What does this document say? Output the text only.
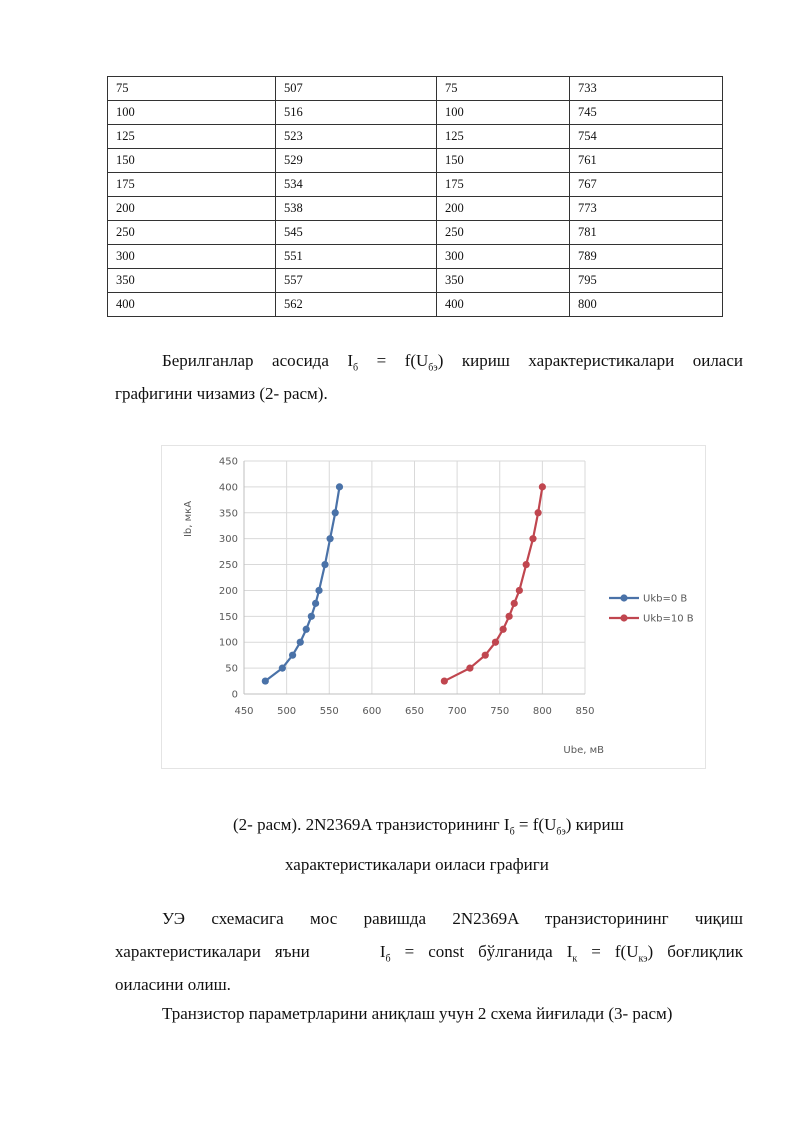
75	507	75	733
100	516	100	745
125	523	125	754
150	529	150	761
175	534	175	767
200	538	200	773
250	545	250	781
300	551	300	789
350	557	350	795
400	562	400	800
Берилганлар асосида $I_б = f(U_{бэ})$ кириш характеристикалари оиласи
графигини чизамиз (2- расм).
0
50
100
150
200
250
300
350
400
450
450 500 550 600 650 700 750 800 850
Ib, мкА
Ube, мВ
Ukb=0 B
Ukb=10 B
(2- расм). 2N2369A транзисторининг $I_б = f(U_{бэ})$ кириш
характеристикалари оиласи графиги
УЭ схемасига мос равишда 2N2369A транзисторининг чиқиш
характеристикалари яъни     $I_б$ = const бўлганида $I_к = f(U_{кэ})$ боғлиқлик
оиласини олиш.
Транзистор параметрларини аниқлаш учун 2 схема йиғилади (3- расм)
